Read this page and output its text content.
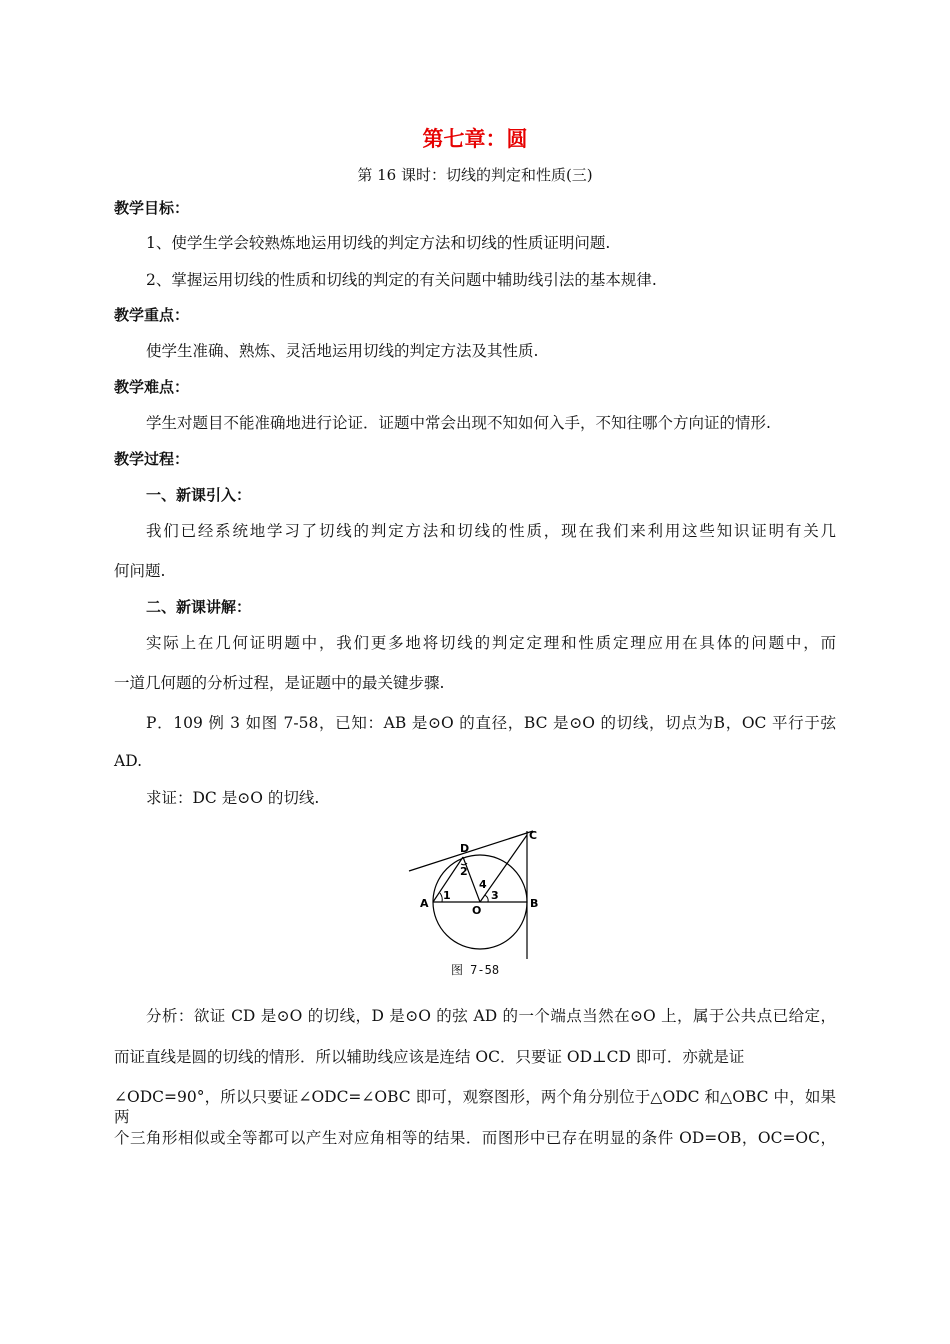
第七章：圆
第 16 课时：切线的判定和性质(三)
教学目标：
1、使学生学会较熟炼地运用切线的判定方法和切线的性质证明问题.
2、掌握运用切线的性质和切线的判定的有关问题中辅助线引法的基本规律.
教学重点：
使学生准确、熟炼、灵活地运用切线的判定方法及其性质.
教学难点：
学生对题目不能准确地进行论证．证题中常会出现不知如何入手，不知往哪个方向证的情形.
教学过程：
一、新课引入：
我们已经系统地学习了切线的判定方法和切线的性质，现在我们来利用这些知识证明有关几
何问题.
二、新课讲解：
实际上在几何证明题中，我们更多地将切线的判定定理和性质定理应用在具体的问题中，而
一道几何题的分析过程，是证题中的最关键步骤.
P．109 例 3 如图 7-58，已知：AB 是⊙O 的直径，BC 是⊙O 的切线，切点为B，OC 平行于弦
AD.
求证：DC 是⊙O 的切线.
A	B
C
D
O
1
2
3
4
图 7-58
分析：欲证 CD 是⊙O 的切线，D 是⊙O 的弦 AD 的一个端点当然在⊙O 上，属于公共点已给定，
而证直线是圆的切线的情形．所以辅助线应该是连结 OC．只要证 OD⊥CD 即可．亦就是证
∠ODC=90°，所以只要证∠ODC=∠OBC 即可，观察图形，两个角分别位于△ODC 和△OBC 中，如果两
个三角形相似或全等都可以产生对应角相等的结果．而图形中已存在明显的条件 OD=OB，OC=OC，
